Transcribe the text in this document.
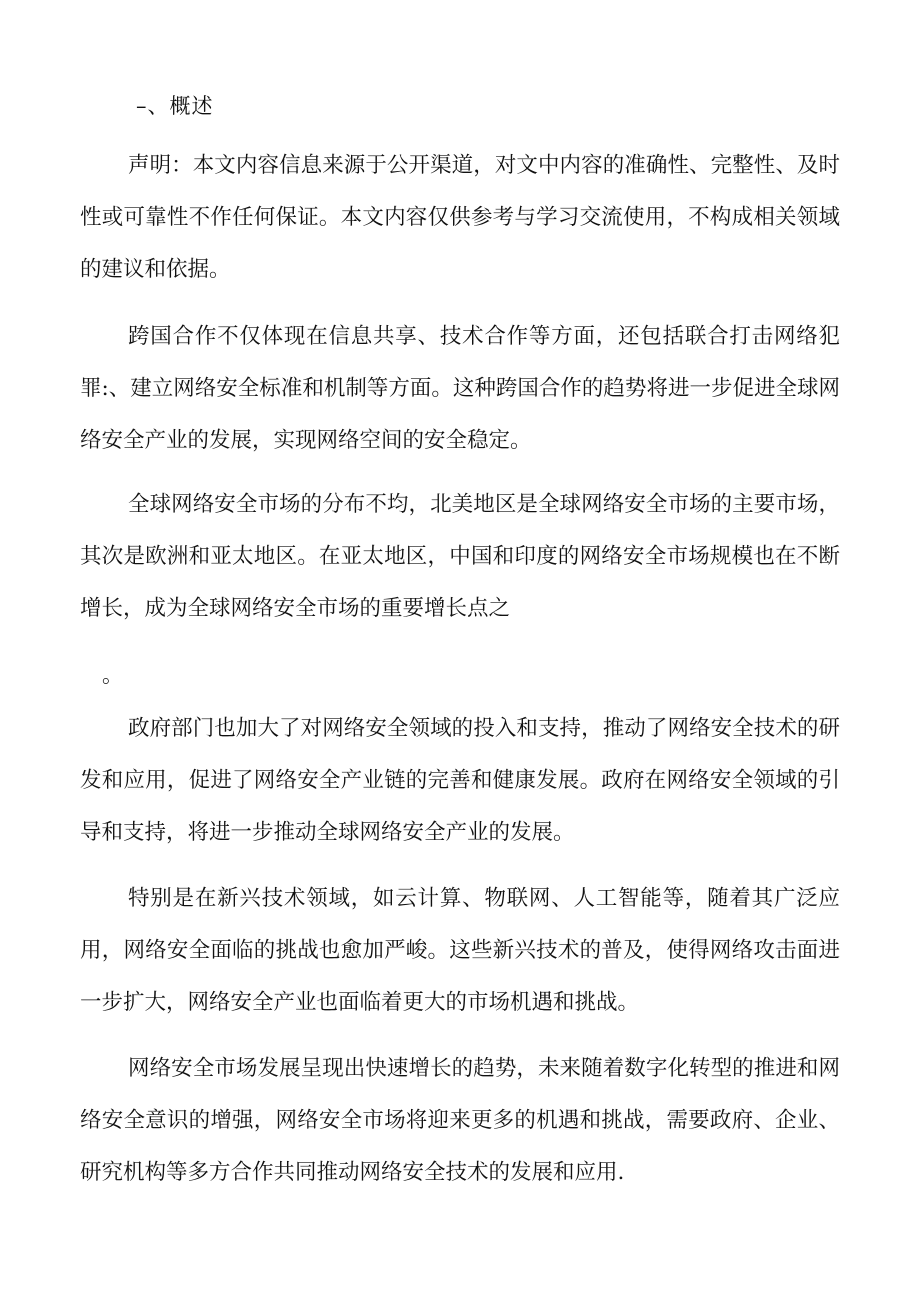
–、概述

声明：本文内容信息来源于公开渠道，对文中内容的准确性、完整性、及时性或可靠性不作任何保证。本文内容仅供参考与学习交流使用，不构成相关领域的建议和依据。

跨国合作不仅体现在信息共享、技术合作等方面，还包括联合打击网络犯罪:、建立网络安全标准和机制等方面。这种跨国合作的趋势将进一步促进全球网络安全产业的发展，实现网络空间的安全稳定。

全球网络安全市场的分布不均，北美地区是全球网络安全市场的主要市场，其次是欧洲和亚太地区。在亚太地区，中国和印度的网络安全市场规模也在不断增长，成为全球网络安全市场的重要增长点之

。

政府部门也加大了对网络安全领域的投入和支持，推动了网络安全技术的研发和应用，促进了网络安全产业链的完善和健康发展。政府在网络安全领域的引导和支持，将进一步推动全球网络安全产业的发展。

特别是在新兴技术领域，如云计算、物联网、人工智能等，随着其广泛应用，网络安全面临的挑战也愈加严峻。这些新兴技术的普及，使得网络攻击面进一步扩大，网络安全产业也面临着更大的市场机遇和挑战。

网络安全市场发展呈现出快速增长的趋势，未来随着数字化转型的推进和网络安全意识的增强，网络安全市场将迎来更多的机遇和挑战，需要政府、企业、研究机构等多方合作共同推动网络安全技术的发展和应用.
